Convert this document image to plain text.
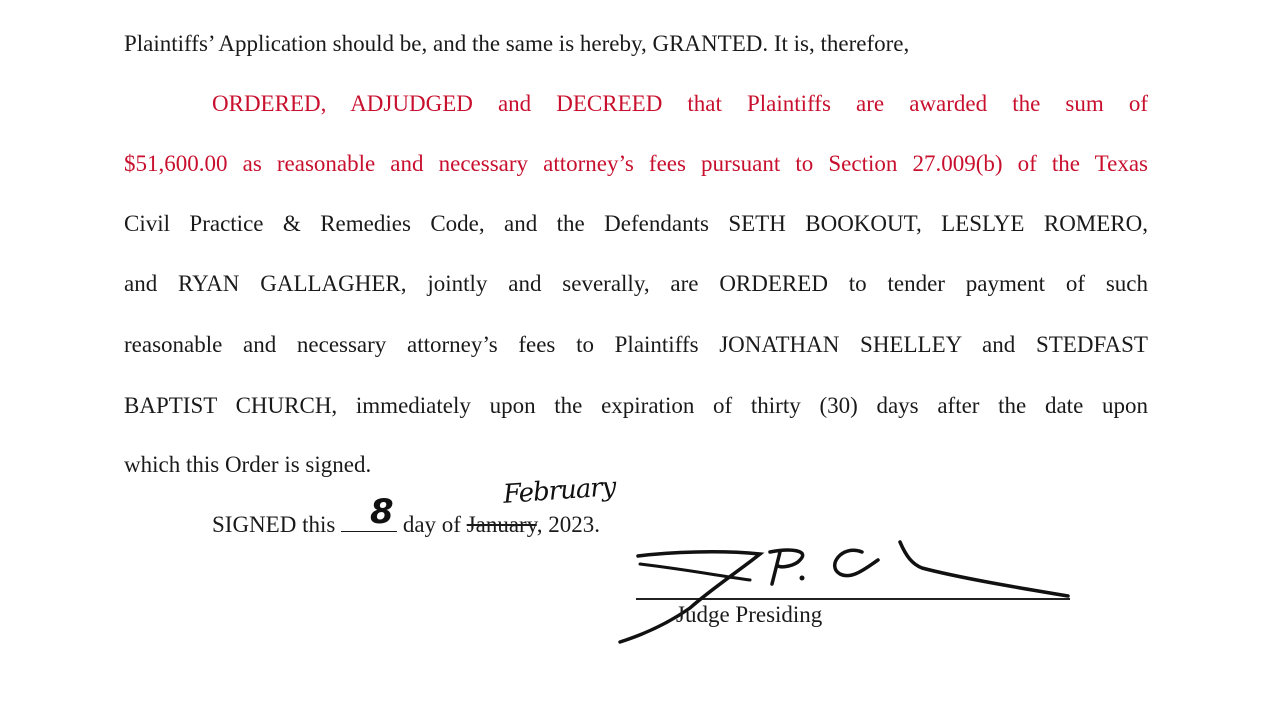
Plaintiffs’ Application should be, and the same is hereby, GRANTED. It is, therefore,
ORDERED, ADJUDGED and DECREED that Plaintiffs are awarded the sum of
$51,600.00 as reasonable and necessary attorney’s fees pursuant to Section 27.009(b) of the Texas
Civil Practice & Remedies Code, and the Defendants SETH BOOKOUT, LESLYE ROMERO,
and RYAN GALLAGHER, jointly and severally, are ORDERED to tender payment of such
reasonable and necessary attorney’s fees to Plaintiffs JONATHAN SHELLEY and STEDFAST
BAPTIST CHURCH, immediately upon the expiration of thirty (30) days after the date upon
which this Order is signed.
SIGNED this	day of January, 2023.
8
February
Judge Presiding
